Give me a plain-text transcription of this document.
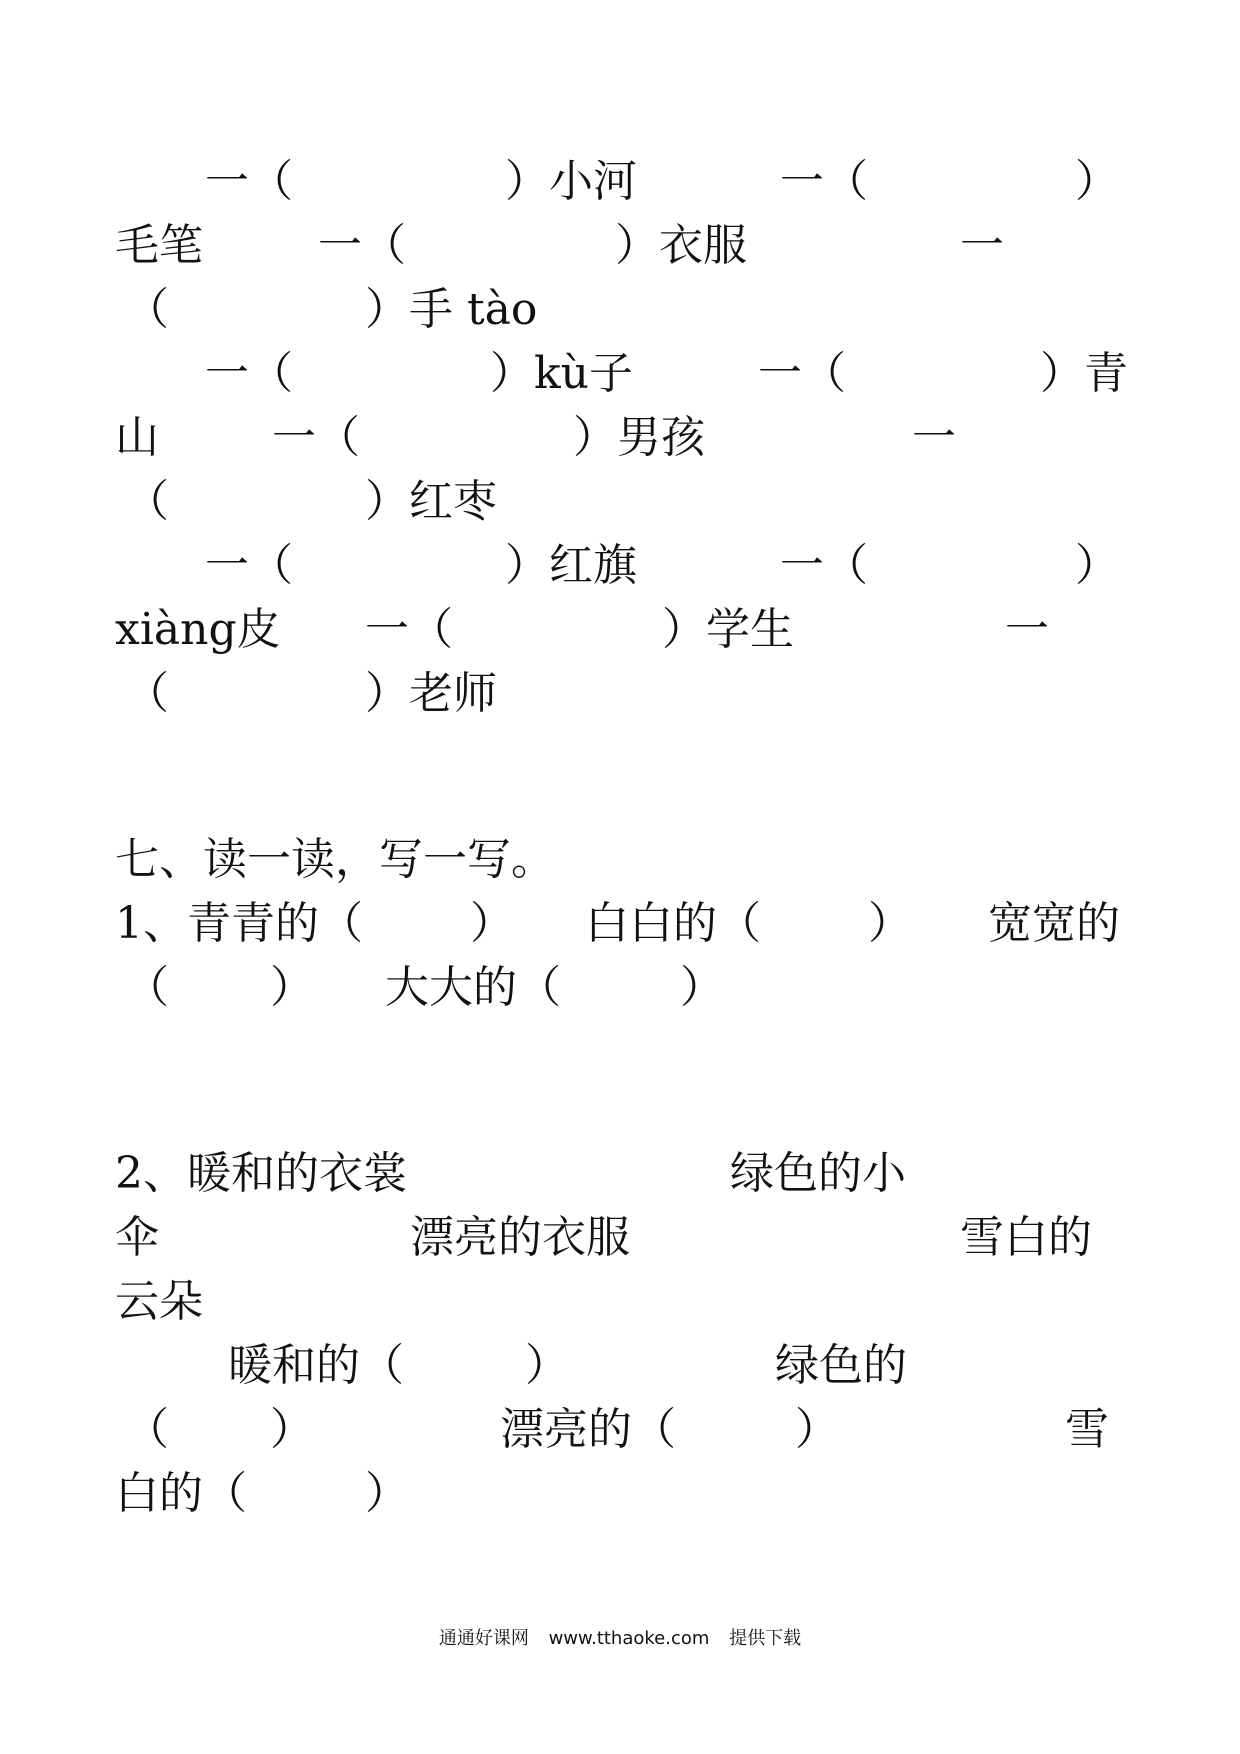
一（	）小河	一（	）
毛笔	一（	）衣服	一
（	）手 tào
一（	）kù子	一（	）青
山	一（	）男孩	一
（	）红枣
一（	）红旗	一（	）
xiàng皮 一（	）学生	一
（	）老师
七、读一读，写一写。
1、青青的（ ） 白白的（ ） 宽宽的
（ ） 大大的（	）
2、暖和的衣裳	绿色的小
伞	漂亮的衣服	雪白的
云朵
暖和的（	）	绿色的
（ ）	漂亮的（	）	雪
白的（	）
通通好课网 www.tthaoke.com 提供下载
